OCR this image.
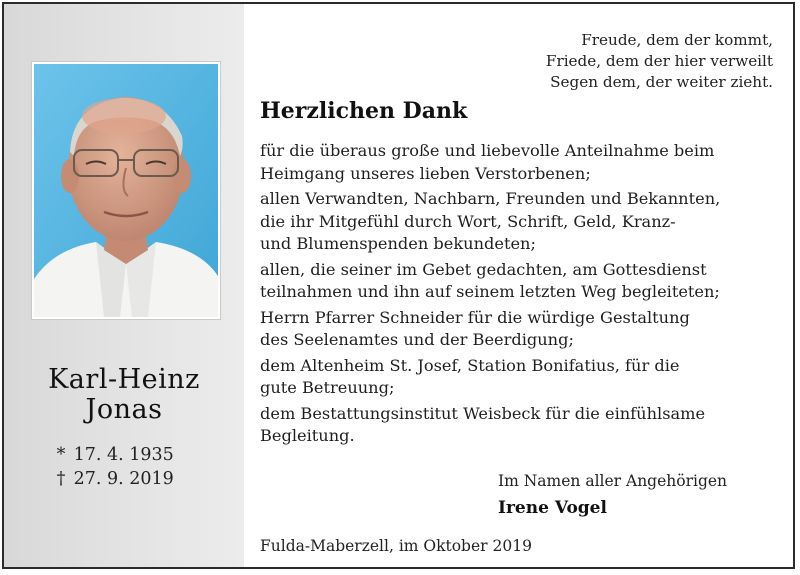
Karl-Heinz
Jonas
* 17. 4. 1935
† 27. 9. 2019
Freude, dem der kommt,
Friede, dem der hier verweilt
Segen dem, der weiter zieht.
Herzlichen Dank
für die überaus große und liebevolle Anteilnahme beim
Heimgang unseres lieben Verstorbenen;
allen Verwandten, Nachbarn, Freunden und Bekannten,
die ihr Mitgefühl durch Wort, Schrift, Geld, Kranz-
und Blumenspenden bekundeten;
allen, die seiner im Gebet gedachten, am Gottesdienst
teilnahmen und ihn auf seinem letzten Weg begleiteten;
Herrn Pfarrer Schneider für die würdige Gestaltung
des Seelenamtes und der Beerdigung;
dem Altenheim St. Josef, Station Bonifatius, für die
gute Betreuung;
dem Bestattungsinstitut Weisbeck für die einfühlsame
Begleitung.
Im Namen aller Angehörigen
Irene Vogel
Fulda-Maberzell, im Oktober 2019
